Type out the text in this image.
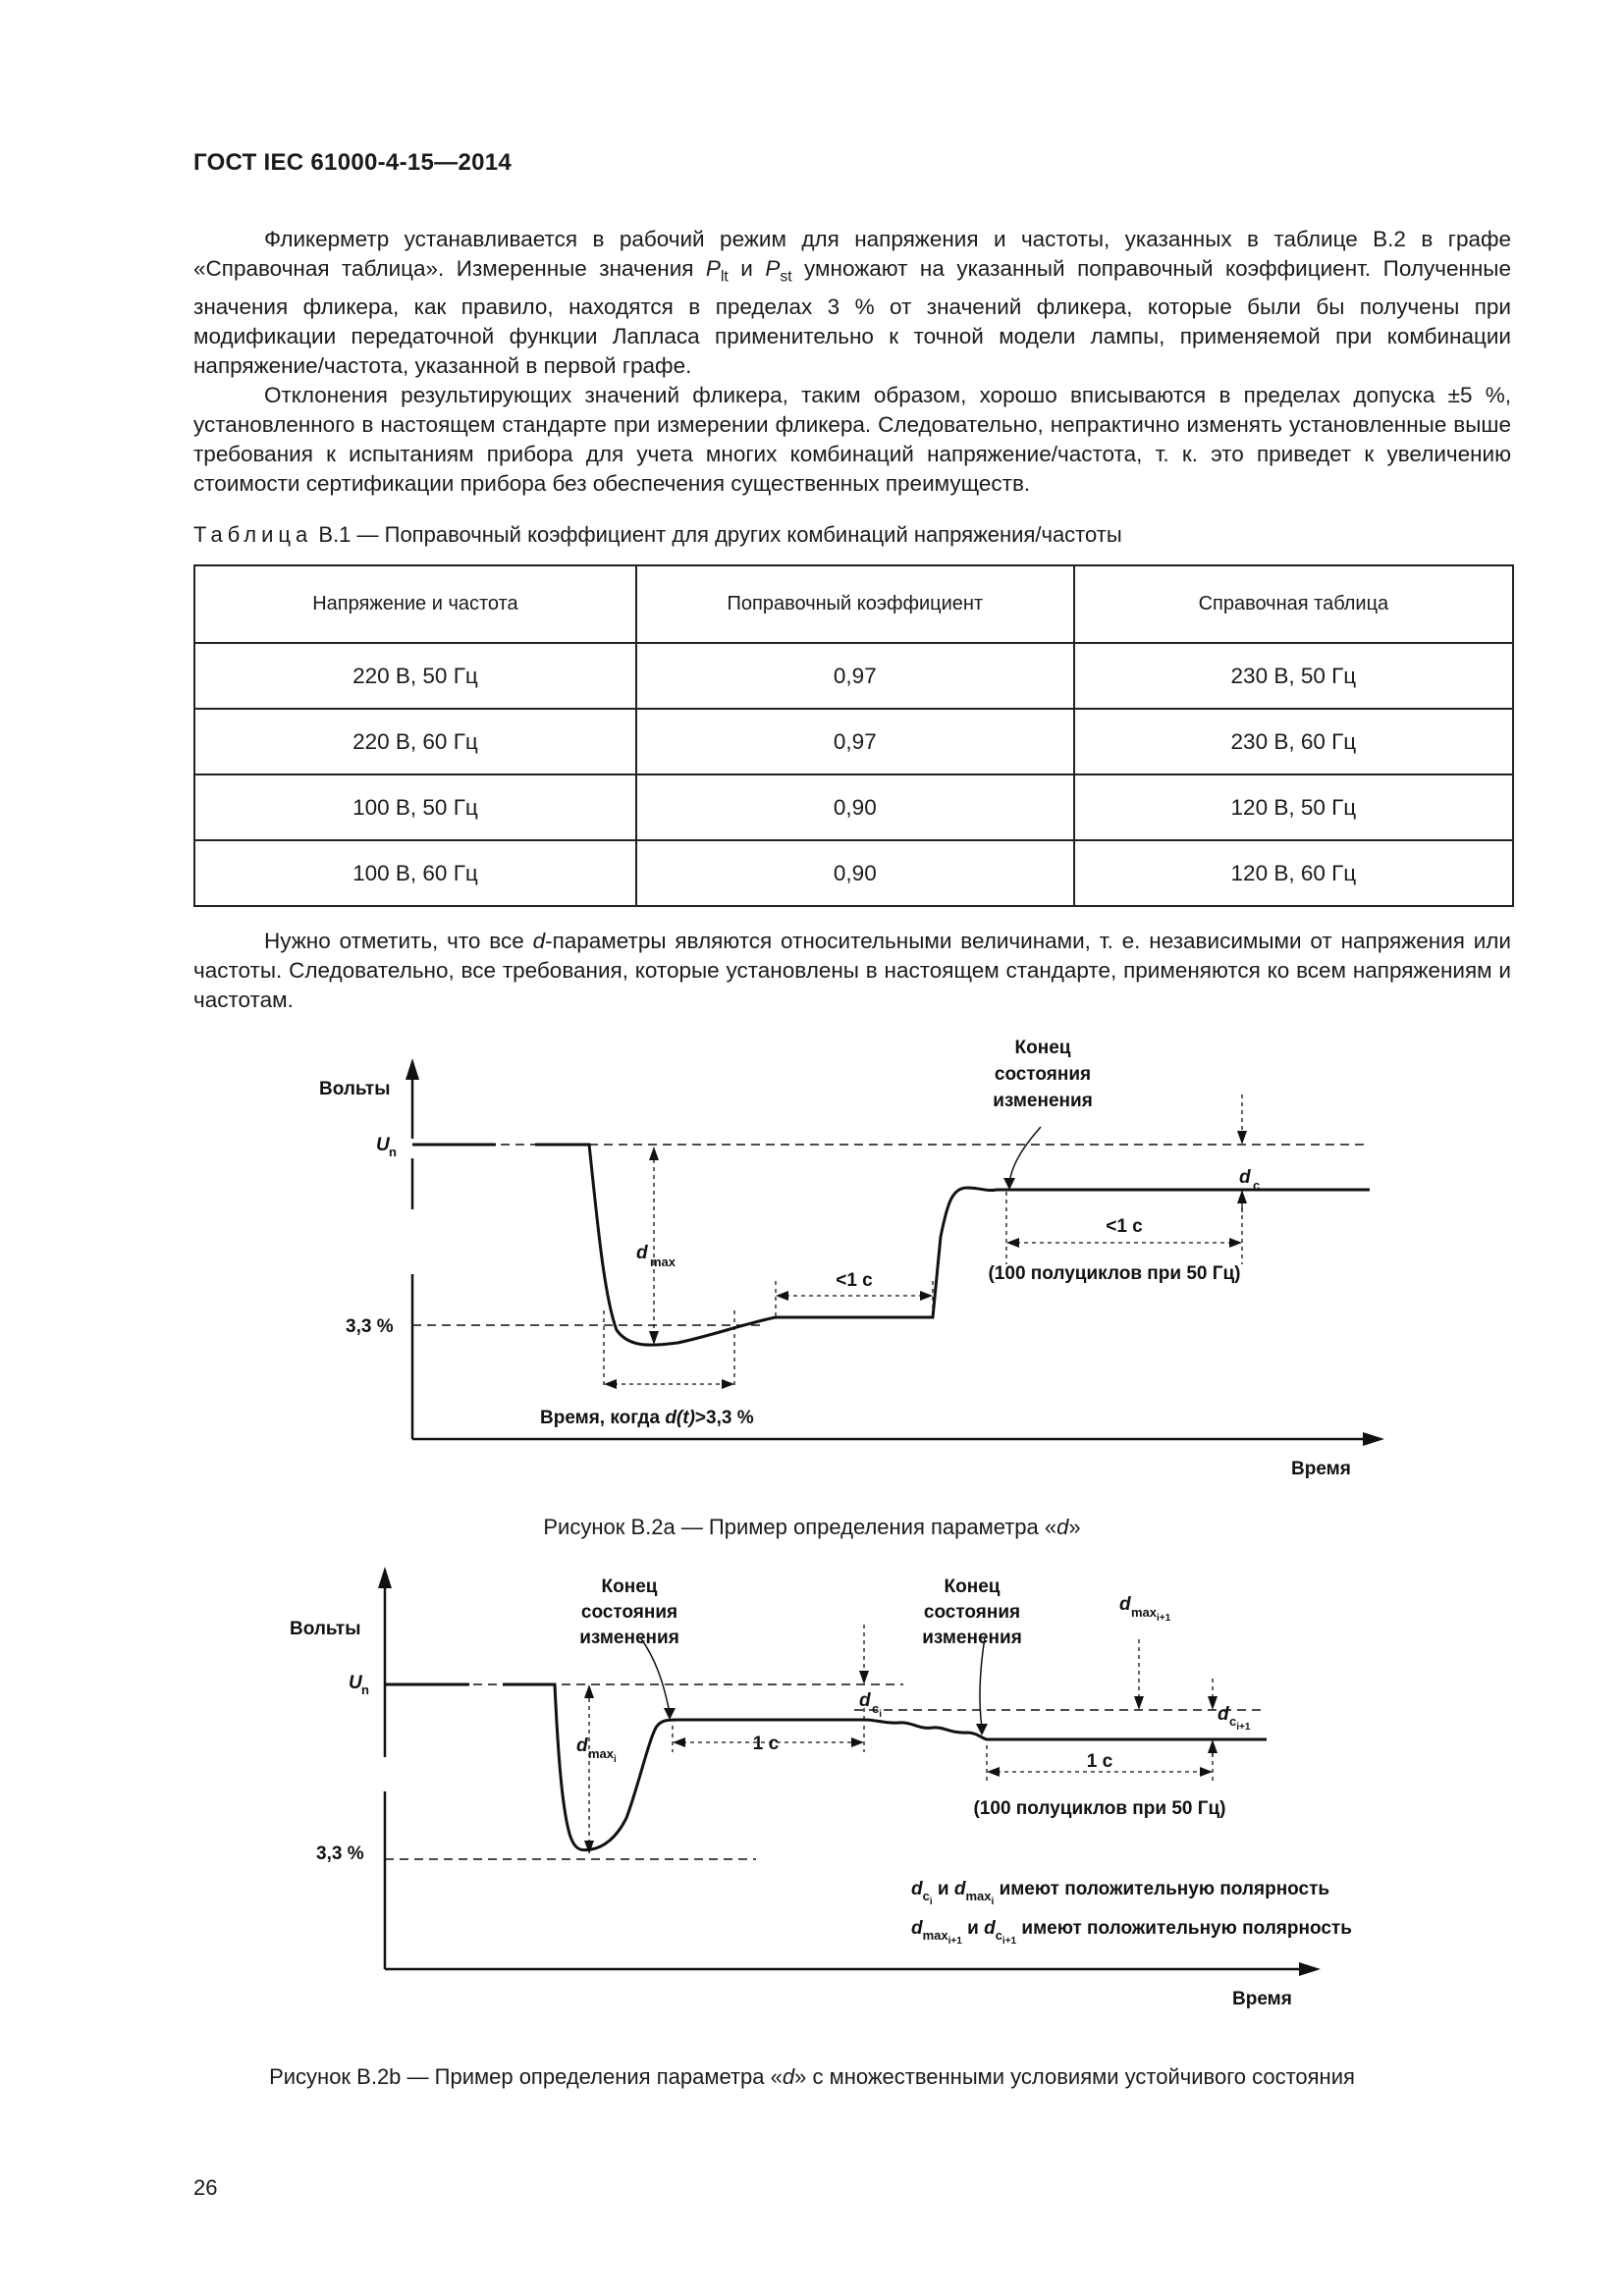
ГОСТ IEC 61000-4-15—2014

Фликерметр устанавливается в рабочий режим для напряжения и частоты, указанных в таблице В.2 в графе «Справочная таблица». Измеренные значения $P_{lt}$ и $P_{st}$ умножают на указанный поправочный коэффициент. Полученные значения фликера, как правило, находятся в пределах 3 % от значений фликера, которые были бы получены при модификации передаточной функции Лапласа применительно к точной модели лампы, применяемой при комбинации напряжение/частота, указанной в первой графе.

Отклонения результирующих значений фликера, таким образом, хорошо вписываются в пределах допуска ±5 %, установленного в настоящем стандарте при измерении фликера. Следовательно, непрактично изменять установленные выше требования к испытаниям прибора для учета многих комбинаций напряжение/частота, т. к. это приведет к увеличению стоимости сертификации прибора без обеспечения существенных преимуществ.

Таблица В.1 — Поправочный коэффициент для других комбинаций напряжения/частоты
Напряжение и частота	Поправочный коэффициент	Справочная таблица
220 В, 50 Гц	0,97	230 В, 50 Гц
220 В, 60 Гц	0,97	230 В, 60 Гц
100 В, 50 Гц	0,90	120 В, 50 Гц
100 В, 60 Гц	0,90	120 В, 60 Гц

Нужно отметить, что все d-параметры являются относительными величинами, т. е. независимыми от напряжения или частоты. Следовательно, все требования, которые установлены в настоящем стандарте, применяются ко всем напряжениям и частотам.

Вольты
U n
3,3 %
d max
d c
Конец
состояния
изменения
<1 с
<1 с
(100 полуциклов при 50 Гц)
Время, когда d(t)>3,3 %
Время
Рисунок В.2а — Пример определения параметра «d»
Вольты
U n
3,3 %
Конец
состояния
изменения
Конец
состояния
изменения
d $\max_i$
d $c_i$
d $\max_{i+1}$
d $c_{i+1}$
1 с
1 с
(100 полуциклов при 50 Гц)
$d_{ci}$ и $d_{maxi}$ имеют положительную полярность
$d_{maxi+1}$ и $d_{ci+1}$ имеют положительную полярность
Время
Рисунок В.2b — Пример определения параметра «d» с множественными условиями устойчивого состояния
26
